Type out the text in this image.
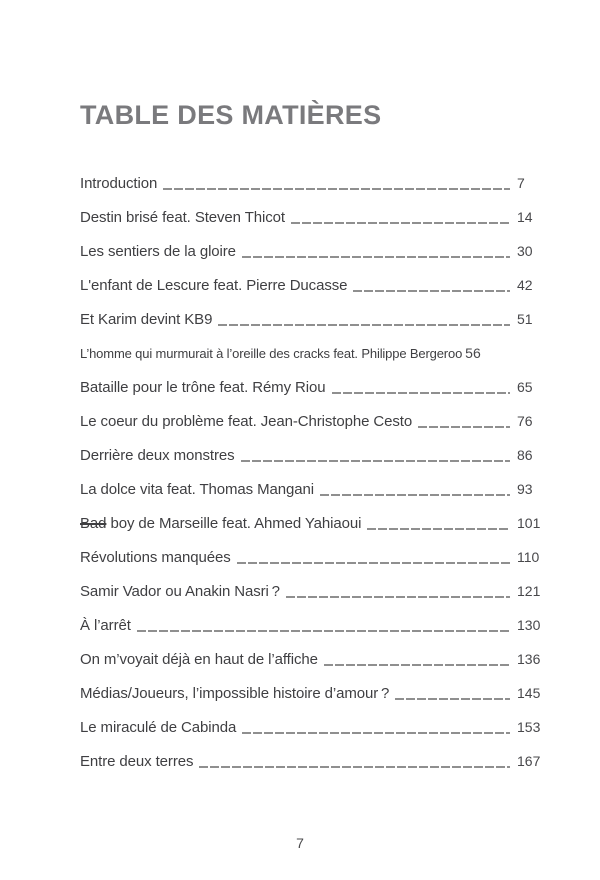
TABLE DES MATIÈRES
Introduction	7
Destin brisé feat. Steven Thicot	14
Les sentiers de la gloire	30
L'enfant de Lescure feat. Pierre Ducasse	42
Et Karim devint KB9	51
L’homme qui murmurait à l’oreille des cracks feat. Philippe Bergeroo 56
Bataille pour le trône feat. Rémy Riou	65
Le coeur du problème feat. Jean-Christophe Cesto	76
Derrière deux monstres	86
La dolce vita feat. Thomas Mangani	93
Bad boy de Marseille feat. Ahmed Yahiaoui	101
Révolutions manquées	110
Samir Vador ou Anakin Nasri ?	121
À l’arrêt	130
On m’voyait déjà en haut de l’affiche	136
Médias/Joueurs, l’impossible histoire d’amour ?	145
Le miraculé de Cabinda	153
Entre deux terres	167
7
